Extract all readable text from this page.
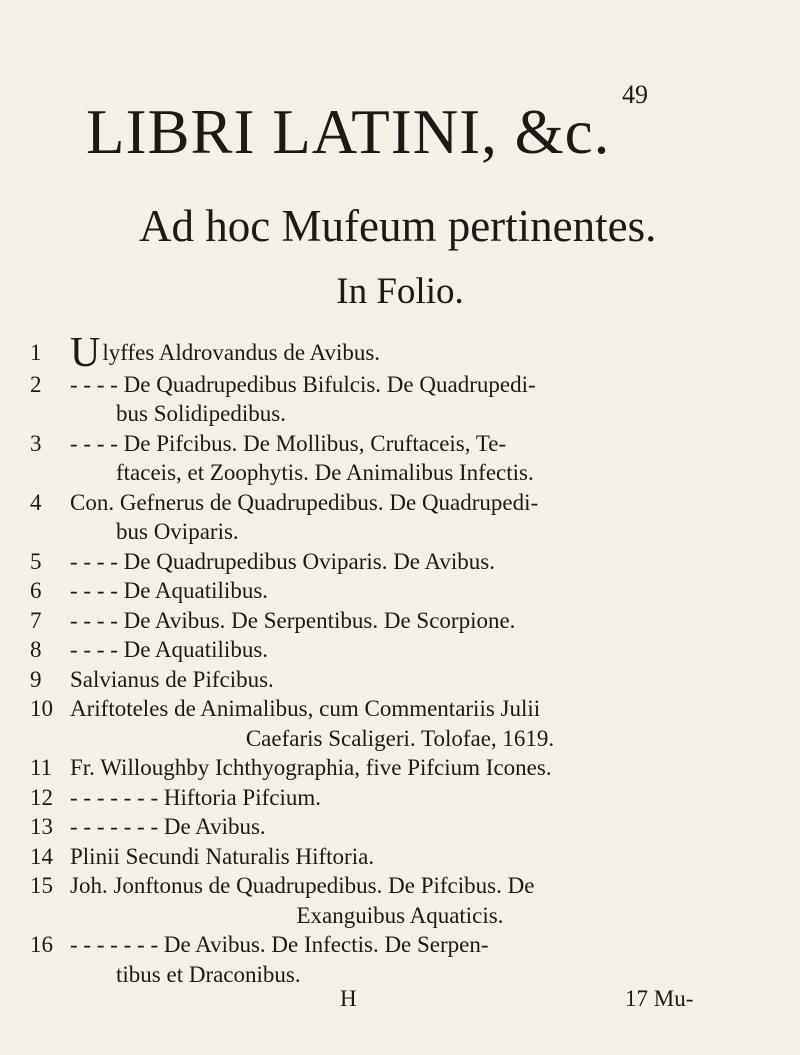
49
LIBRI LATINI, &c.
Ad hoc Mufeum pertinentes.
In Folio.
1 Ulyffes Aldrovandus de Avibus.
2	- - - - De Quadrupedibus Bifulcis. De Quadrupedi-
bus Solidipedibus.
3	- - - - De Pifcibus. De Mollibus, Cruftaceis, Te-
ftaceis, et Zoophytis. De Animalibus Infectis.
4	Con. Gefnerus de Quadrupedibus. De Quadrupedi-
bus Oviparis.
5	- - - - De Quadrupedibus Oviparis. De Avibus.
6	- - - - De Aquatilibus.
7	- - - - De Avibus. De Serpentibus. De Scorpione.
8	- - - - De Aquatilibus.
9	Salvianus de Pifcibus.
10 Ariftoteles de Animalibus, cum Commentariis Julii
Caefaris Scaligeri. Tolofae, 1619.
11 Fr. Willoughby Ichthyographia, five Pifcium Icones.
12 - - - - - - - Hiftoria Pifcium.
13 - - - - - - - De Avibus.
14 Plinii Secundi Naturalis Hiftoria.
15 Joh. Jonftonus de Quadrupedibus. De Pifcibus. De
Exanguibus Aquaticis.
16 - - - - - - - De Avibus. De Infectis. De Serpen-
tibus et Draconibus.
H	17 Mu-
